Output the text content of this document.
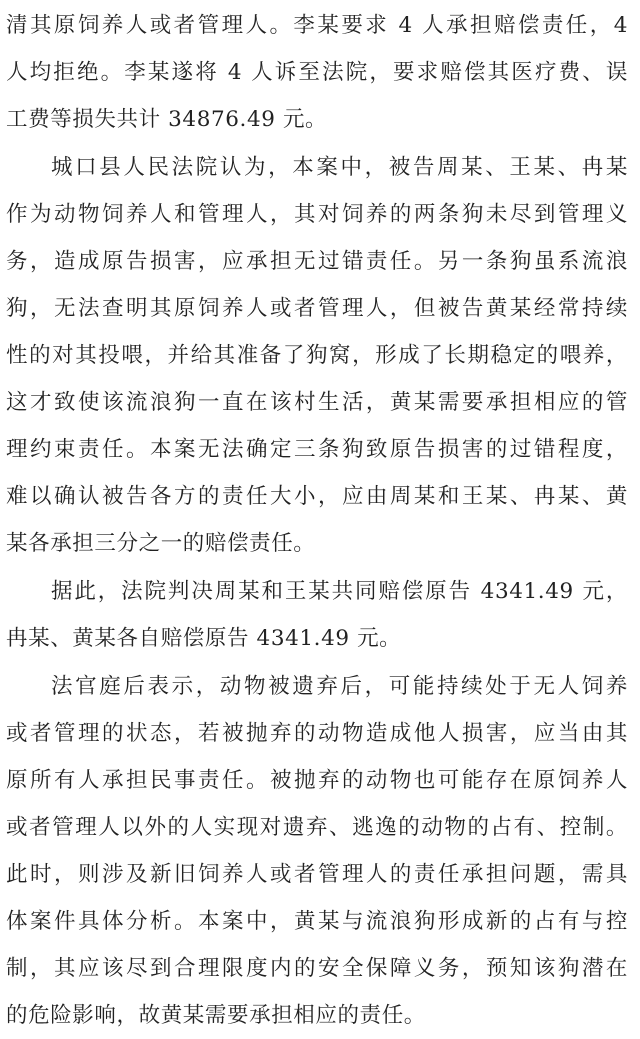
清其原饲养人或者管理人。李某要求 4 人承担赔偿责任，4
人均拒绝。李某遂将 4 人诉至法院，要求赔偿其医疗费、误
工费等损失共计 34876.49 元。
城口县人民法院认为，本案中，被告周某、王某、冉某
作为动物饲养人和管理人，其对饲养的两条狗未尽到管理义
务，造成原告损害，应承担无过错责任。另一条狗虽系流浪
狗，无法查明其原饲养人或者管理人，但被告黄某经常持续
性的对其投喂，并给其准备了狗窝，形成了长期稳定的喂养，
这才致使该流浪狗一直在该村生活，黄某需要承担相应的管
理约束责任。本案无法确定三条狗致原告损害的过错程度，
难以确认被告各方的责任大小，应由周某和王某、冉某、黄
某各承担三分之一的赔偿责任。
据此，法院判决周某和王某共同赔偿原告 4341.49 元，
冉某、黄某各自赔偿原告 4341.49 元。
法官庭后表示，动物被遗弃后，可能持续处于无人饲养
或者管理的状态，若被抛弃的动物造成他人损害，应当由其
原所有人承担民事责任。被抛弃的动物也可能存在原饲养人
或者管理人以外的人实现对遗弃、逃逸的动物的占有、控制。
此时，则涉及新旧饲养人或者管理人的责任承担问题，需具
体案件具体分析。本案中，黄某与流浪狗形成新的占有与控
制，其应该尽到合理限度内的安全保障义务，预知该狗潜在
的危险影响，故黄某需要承担相应的责任。
